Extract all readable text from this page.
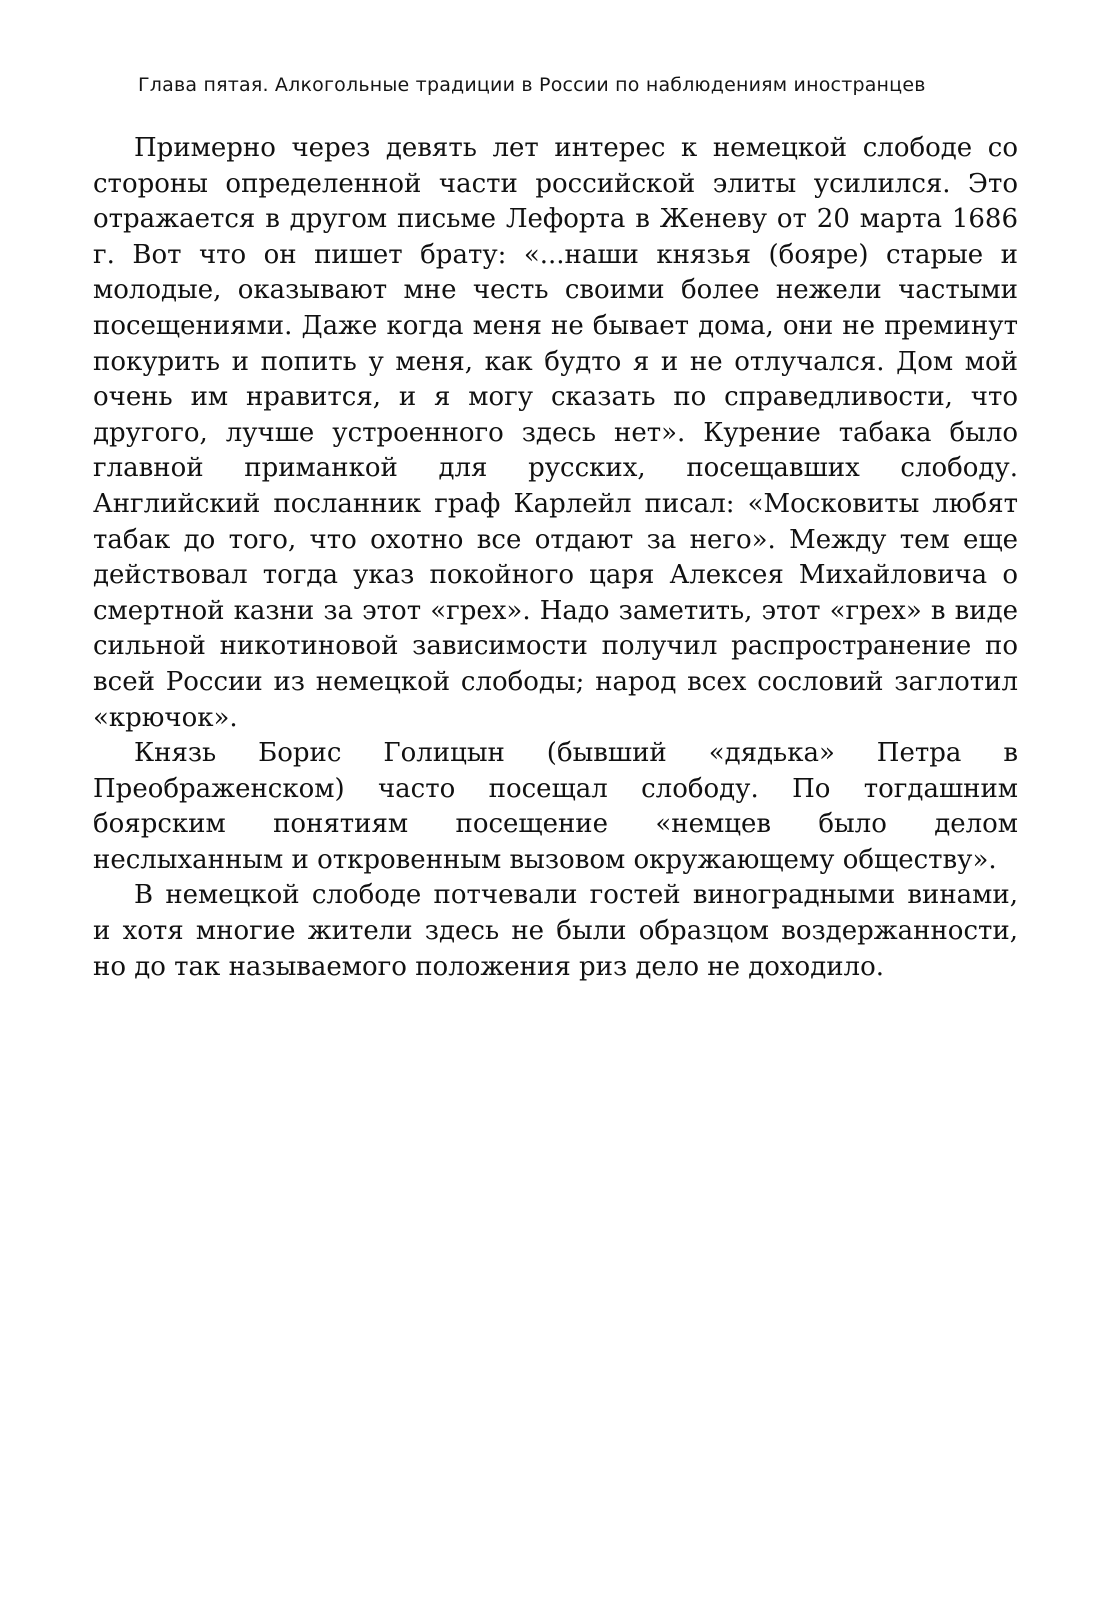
Глава пятая. Алкогольные традиции в России по наблюдениям иностранцев

Примерно через девять лет интерес к немецкой слободе со стороны определенной части российской элиты усилился. Это отражается в другом письме Лефорта в Женеву от 20 марта 1686 г. Вот что он пишет брату: «...наши князья (бояре) старые и молодые, оказывают мне честь своими более нежели частыми посещениями. Даже когда меня не бывает дома, они не преминут покурить и попить у меня, как будто я и не отлучался. Дом мой очень им нравится, и я могу сказать по справедливости, что другого, лучше устроенного здесь нет». Курение табака было главной приманкой для русских, посещавших слободу. Английский посланник граф Карлейл писал: «Московиты любят табак до того, что охотно все отдают за него». Между тем еще действовал тогда указ покойного царя Алексея Михайловича о смертной казни за этот «грех». Надо заметить, этот «грех» в виде сильной никотиновой зависимости получил распространение по всей России из немецкой слободы; народ всех сословий заглотил «крючок».

Князь Борис Голицын (бывший «дядька» Петра в Преображенском) часто посещал слободу. По тогдашним боярским понятиям посещение «немцев было делом неслыханным и откровенным вызовом окружающему обществу».

В немецкой слободе потчевали гостей виноградными винами, и хотя многие жители здесь не были образцом воздержанности, но до так называемого положения риз дело не доходило.
